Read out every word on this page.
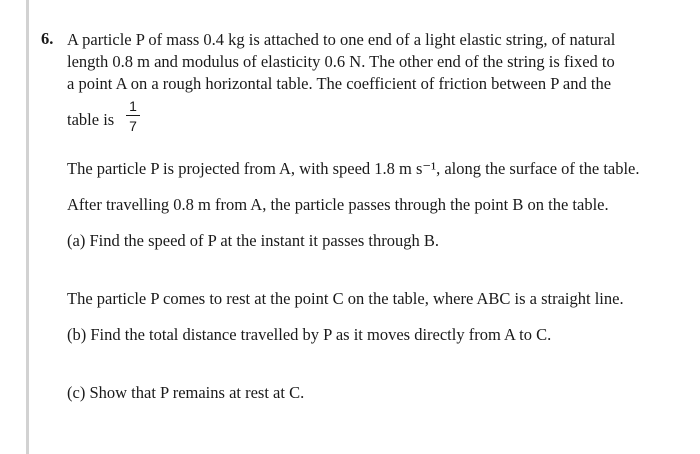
6. A particle P of mass 0.4 kg is attached to one end of a light elastic string, of natural
length 0.8 m and modulus of elasticity 0.6 N. The other end of the string is fixed to
a point A on a rough horizontal table. The coefficient of friction between P and the
table is
1
7
The particle P is projected from A, with speed 1.8 m s⁻¹, along the surface of the table.
After travelling 0.8 m from A, the particle passes through the point B on the table.
(a) Find the speed of P at the instant it passes through B.
The particle P comes to rest at the point C on the table, where ABC is a straight line.
(b) Find the total distance travelled by P as it moves directly from A to C.
(c) Show that P remains at rest at C.
